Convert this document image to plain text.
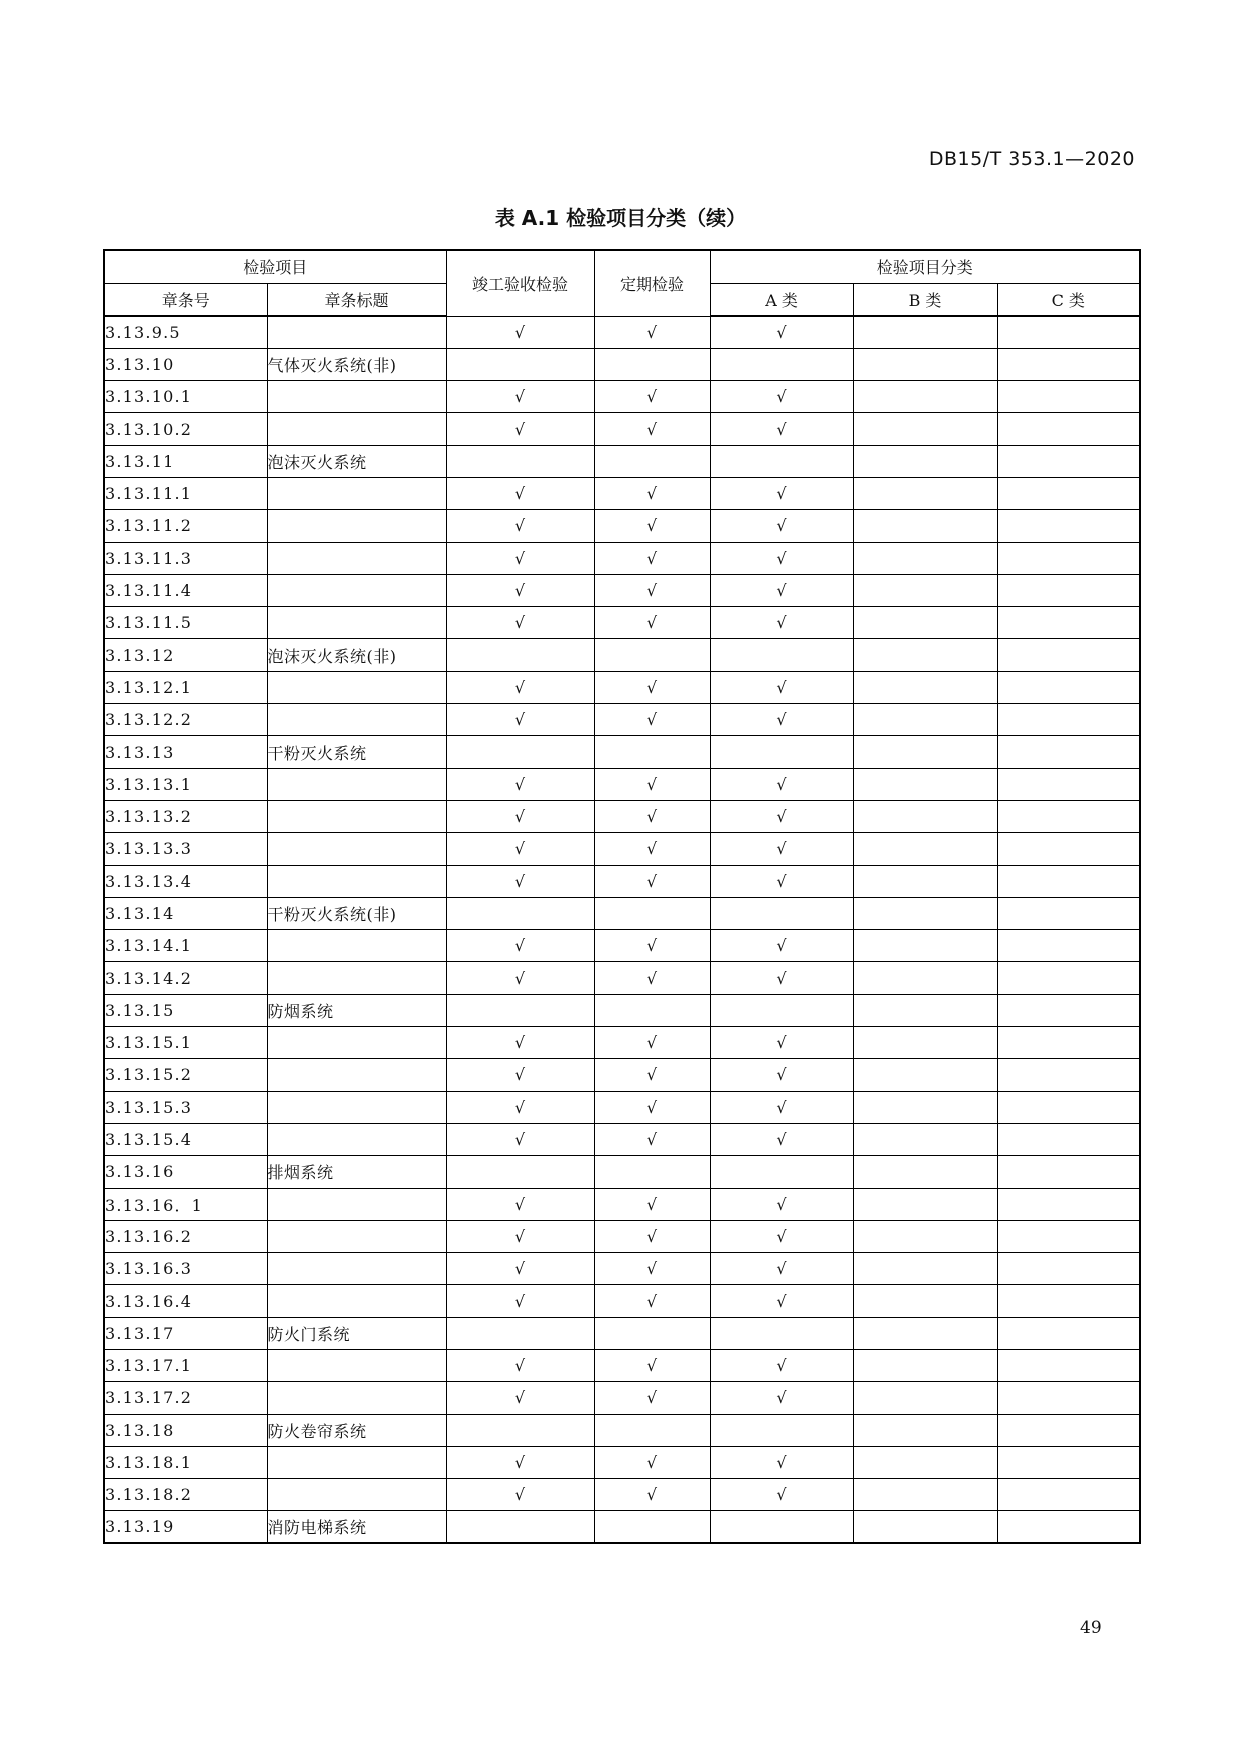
DB15/T 353.1—2020
表 A.1 检验项目分类（续）
检验项目		竣工验收检验	定期检验	检验项目分类		
章条号	章条标题			A 类	B 类	C 类
3.13.9.5		√	√	√		
3.13.10	气体灭火系统(非)					
3.13.10.1		√	√	√		
3.13.10.2		√	√	√		
3.13.11	泡沫灭火系统					
3.13.11.1		√	√	√		
3.13.11.2		√	√	√		
3.13.11.3		√	√	√		
3.13.11.4		√	√	√		
3.13.11.5		√	√	√		
3.13.12	泡沫灭火系统(非)					
3.13.12.1		√	√	√		
3.13.12.2		√	√	√		
3.13.13	干粉灭火系统					
3.13.13.1		√	√	√		
3.13.13.2		√	√	√		
3.13.13.3		√	√	√		
3.13.13.4		√	√	√		
3.13.14	干粉灭火系统(非)					
3.13.14.1		√	√	√		
3.13.14.2		√	√	√		
3.13.15	防烟系统					
3.13.15.1		√	√	√		
3.13.15.2		√	√	√		
3.13.15.3		√	√	√		
3.13.15.4		√	√	√		
3.13.16	排烟系统					
3.13.16．1		√	√	√		
3.13.16.2		√	√	√		
3.13.16.3		√	√	√		
3.13.16.4		√	√	√		
3.13.17	防火门系统					
3.13.17.1		√	√	√		
3.13.17.2		√	√	√		
3.13.18	防火卷帘系统					
3.13.18.1		√	√	√		
3.13.18.2		√	√	√		
3.13.19	消防电梯系统					
49
